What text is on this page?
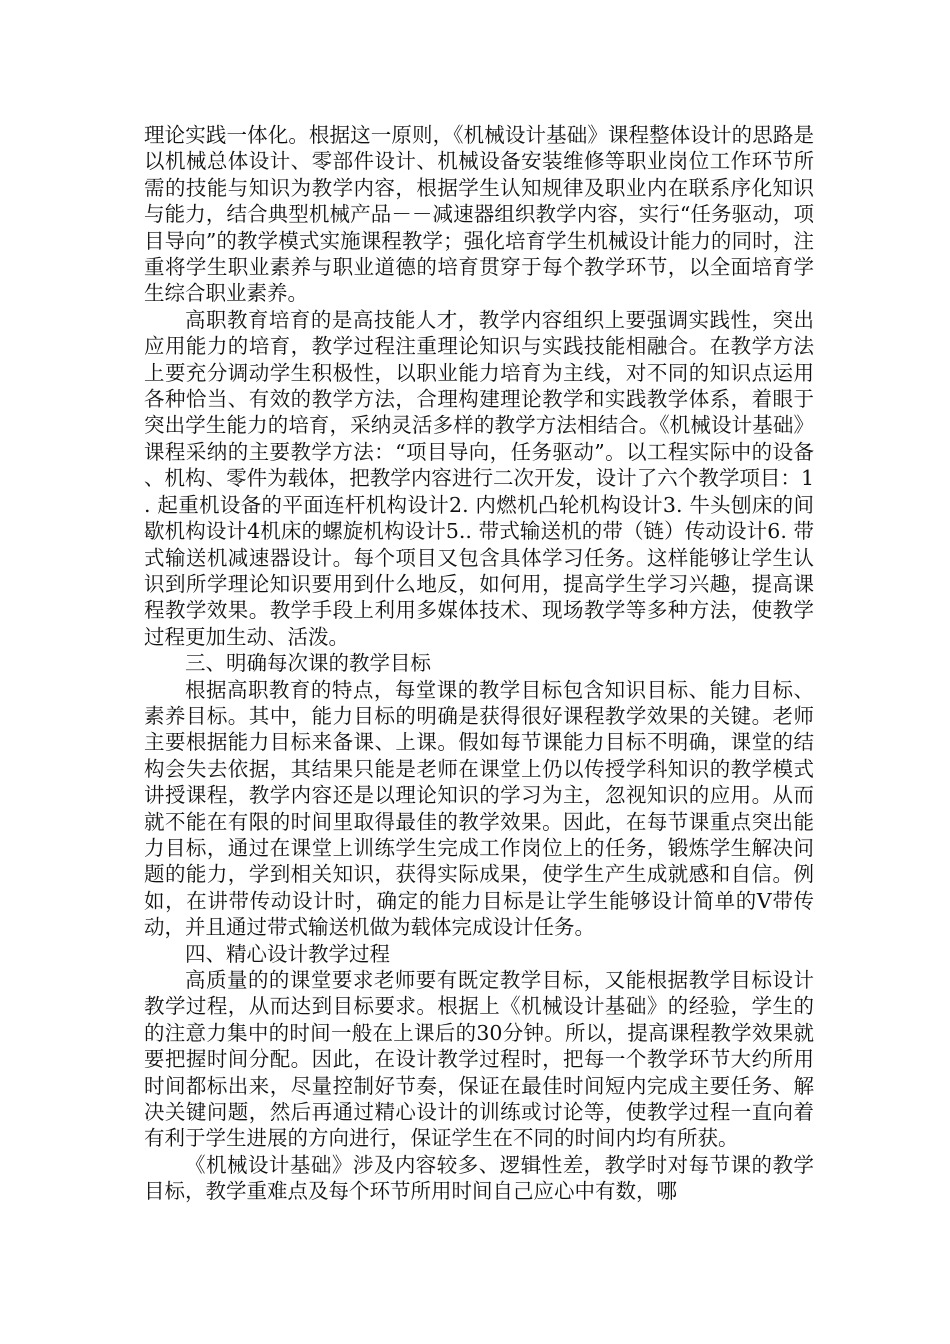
理论实践一体化。根据这一原则，《机械设计基础》课程整体设计的思路是以机械总体设计、零部件设计、机械设备安装维修等职业岗位工作环节所需的技能与知识为教学内容，根据学生认知规律及职业内在联系序化知识与能力，结合典型机械产品－－减速器组织教学内容，实行“任务驱动，项目导向”的教学模式实施课程教学；强化培育学生机械设计能力的同时，注重将学生职业素养与职业道德的培育贯穿于每个教学环节，以全面培育学生综合职业素养。

高职教育培育的是高技能人才，教学内容组织上要强调实践性，突出应用能力的培育，教学过程注重理论知识与实践技能相融合。在教学方法上要充分调动学生积极性，以职业能力培育为主线，对不同的知识点运用各种恰当、有效的教学方法，合理构建理论教学和实践教学体系，着眼于突出学生能力的培育，采纳灵活多样的教学方法相结合。《机械设计基础》课程采纳的主要教学方法：“项目导向，任务驱动”。以工程实际中的设备、机构、零件为载体，把教学内容进行二次开发，设计了六个教学项目：1. 起重机设备的平面连杆机构设计2. 内燃机凸轮机构设计3. 牛头刨床的间歇机构设计4机床的螺旋机构设计5.. 带式输送机的带（链）传动设计6. 带式输送机减速器设计。每个项目又包含具体学习任务。这样能够让学生认识到所学理论知识要用到什么地反，如何用，提高学生学习兴趣，提高课程教学效果。教学手段上利用多媒体技术、现场教学等多种方法，使教学过程更加生动、活泼。

三、明确每次课的教学目标

根据高职教育的特点，每堂课的教学目标包含知识目标、能力目标、素养目标。其中，能力目标的明确是获得很好课程教学效果的关键。老师主要根据能力目标来备课、上课。假如每节课能力目标不明确，课堂的结构会失去依据，其结果只能是老师在课堂上仍以传授学科知识的教学模式讲授课程，教学内容还是以理论知识的学习为主，忽视知识的应用。从而就不能在有限的时间里取得最佳的教学效果。因此，在每节课重点突出能力目标，通过在课堂上训练学生完成工作岗位上的任务，锻炼学生解决问题的能力，学到相关知识，获得实际成果，使学生产生成就感和自信。例如，在讲带传动设计时，确定的能力目标是让学生能够设计简单的V带传动，并且通过带式输送机做为载体完成设计任务。

四、精心设计教学过程

高质量的的课堂要求老师要有既定教学目标，又能根据教学目标设计教学过程，从而达到目标要求。根据上《机械设计基础》的经验，学生的的注意力集中的时间一般在上课后的30分钟。所以，提高课程教学效果就要把握时间分配。因此，在设计教学过程时，把每一个教学环节大约所用时间都标出来，尽量控制好节奏，保证在最佳时间短内完成主要任务、解决关键问题，然后再通过精心设计的训练或讨论等，使教学过程一直向着有利于学生进展的方向进行，保证学生在不同的时间内均有所获。

《机械设计基础》涉及内容较多、逻辑性差，教学时对每节课的教学目标，教学重难点及每个环节所用时间自己应心中有数，哪
